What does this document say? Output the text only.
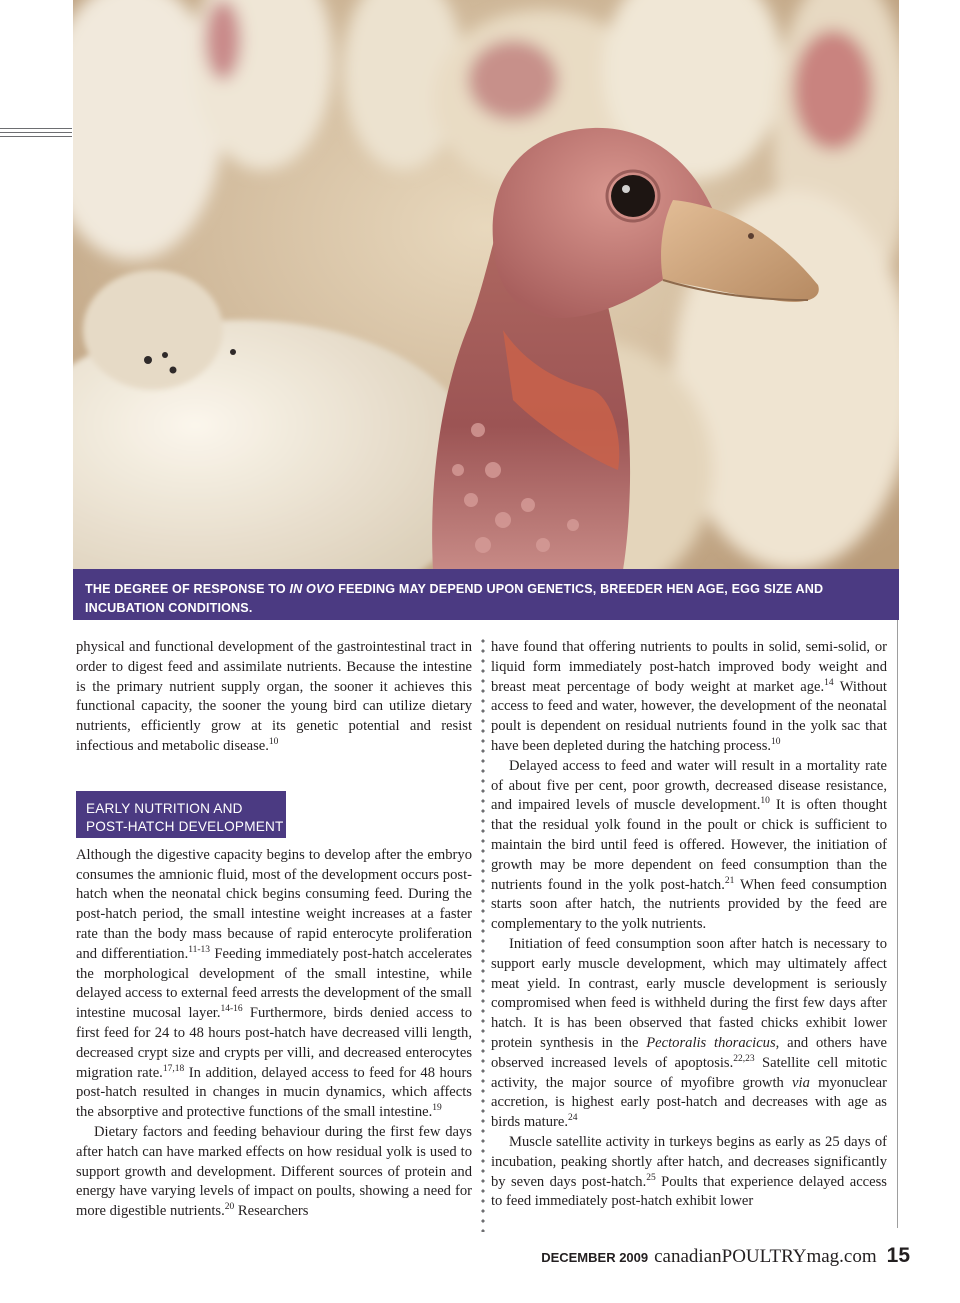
THE DEGREE OF RESPONSE TO IN OVO FEEDING MAY DEPEND UPON GENETICS, BREEDER HEN AGE, EGG SIZE AND INCUBATION CONDITIONS.

physical and functional development of the gastrointestinal tract in order to digest feed and assimilate nutrients. Because the intestine is the primary nutrient supply organ, the sooner it achieves this functional capacity, the sooner the young bird can utilize dietary nutrients, efficiently grow at its genetic potential and resist infectious and metabolic disease.$^{10}$

EARLY NUTRITION AND
POST-HATCH DEVELOPMENT

Although the digestive capacity begins to develop after the embryo consumes the amnionic fluid, most of the development occurs post-hatch when the neonatal chick begins consuming feed. During the post-hatch period, the small intestine weight increases at a faster rate than the body mass because of rapid enterocyte proliferation and differentiation.$^{11-13}$ Feeding immediately post-hatch accelerates the morphological development of the small intestine, while delayed access to external feed arrests the development of the small intestine mucosal layer.$^{14-16}$ Furthermore, birds denied access to first feed for 24 to 48 hours post-hatch have decreased villi length, decreased crypt size and crypts per villi, and decreased enterocytes migration rate.$^{17,18}$ In addition, delayed access to feed for 48 hours post-hatch resulted in changes in mucin dynamics, which affects the absorptive and protective functions of the small intestine.$^{19}$

Dietary factors and feeding behaviour during the first few days after hatch can have marked effects on how residual yolk is used to support growth and development. Different sources of protein and energy have varying levels of impact on poults, showing a need for more digestible nutrients.$^{20}$ Researchers

have found that offering nutrients to poults in solid, semi-solid, or liquid form immediately post-hatch improved body weight and breast meat percentage of body weight at market age.$^{14}$ Without access to feed and water, however, the development of the neonatal poult is dependent on residual nutrients found in the yolk sac that have been depleted during the hatching process.$^{10}$

Delayed access to feed and water will result in a mortality rate of about five per cent, poor growth, decreased disease resistance, and impaired levels of muscle development.$^{10}$ It is often thought that the residual yolk found in the poult or chick is sufficient to maintain the bird until feed is offered. However, the initiation of growth may be more dependent on feed consumption than the nutrients found in the yolk post-hatch.$^{21}$ When feed consumption starts soon after hatch, the nutrients provided by the feed are complementary to the yolk nutrients.

Initiation of feed consumption soon after hatch is necessary to support early muscle development, which may ultimately affect meat yield. In contrast, early muscle development is seriously compromised when feed is withheld during the first few days after hatch. It is has been observed that fasted chicks exhibit lower protein synthesis in the Pectoralis thoracicus, and others have observed increased levels of apoptosis.$^{22,23}$ Satellite cell mitotic activity, the major source of myofibre growth via myonuclear accretion, is highest early post-hatch and decreases with age as birds mature.$^{24}$

Muscle satellite activity in turkeys begins as early as 25 days of incubation, peaking shortly after hatch, and decreases significantly by seven days post-hatch.$^{25}$ Poults that experience delayed access to feed immediately post-hatch exhibit lower

DECEMBER 2009 canadianPOULTRYmag.com 15
